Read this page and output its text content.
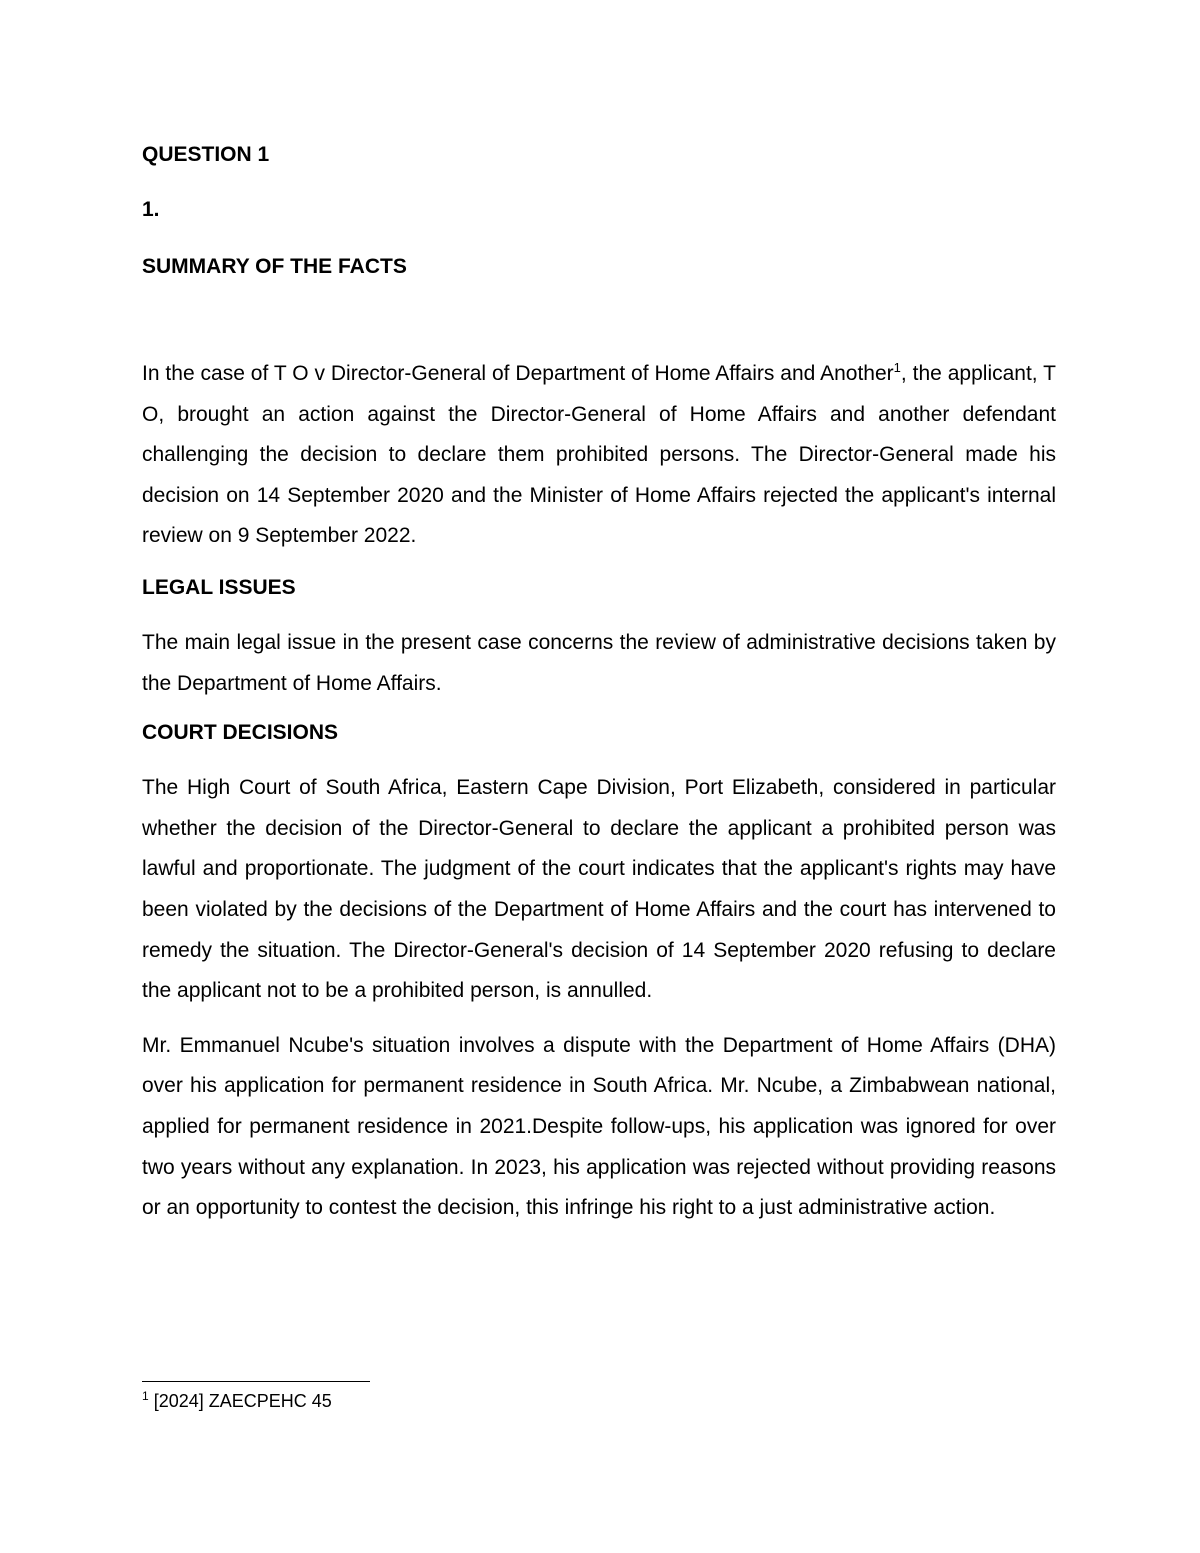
QUESTION 1

1.

SUMMARY OF THE FACTS

In the case of T O v Director-General of Department of Home Affairs and Another$^1$, the applicant, T O, brought an action against the Director-General of Home Affairs and another defendant challenging the decision to declare them prohibited persons. The Director-General made his decision on 14 September 2020 and the Minister of Home Affairs rejected the applicant's internal review on 9 September 2022.

LEGAL ISSUES

The main legal issue in the present case concerns the review of administrative decisions taken by the Department of Home Affairs.

COURT DECISIONS

The High Court of South Africa, Eastern Cape Division, Port Elizabeth, considered in particular whether the decision of the Director-General to declare the applicant a prohibited person was lawful and proportionate. The judgment of the court indicates that the applicant's rights may have been violated by the decisions of the Department of Home Affairs and the court has intervened to remedy the situation. The Director-General's decision of 14 September 2020 refusing to declare the applicant not to be a prohibited person, is annulled.

Mr. Emmanuel Ncube's situation involves a dispute with the Department of Home Affairs (DHA) over his application for permanent residence in South Africa. Mr. Ncube, a Zimbabwean national, applied for permanent residence in 2021.Despite follow-ups, his application was ignored for over two years without any explanation. In 2023, his application was rejected without providing reasons or an opportunity to contest the decision, this infringe his right to a just administrative action.

$^1$ [2024] ZAECPEHC 45
